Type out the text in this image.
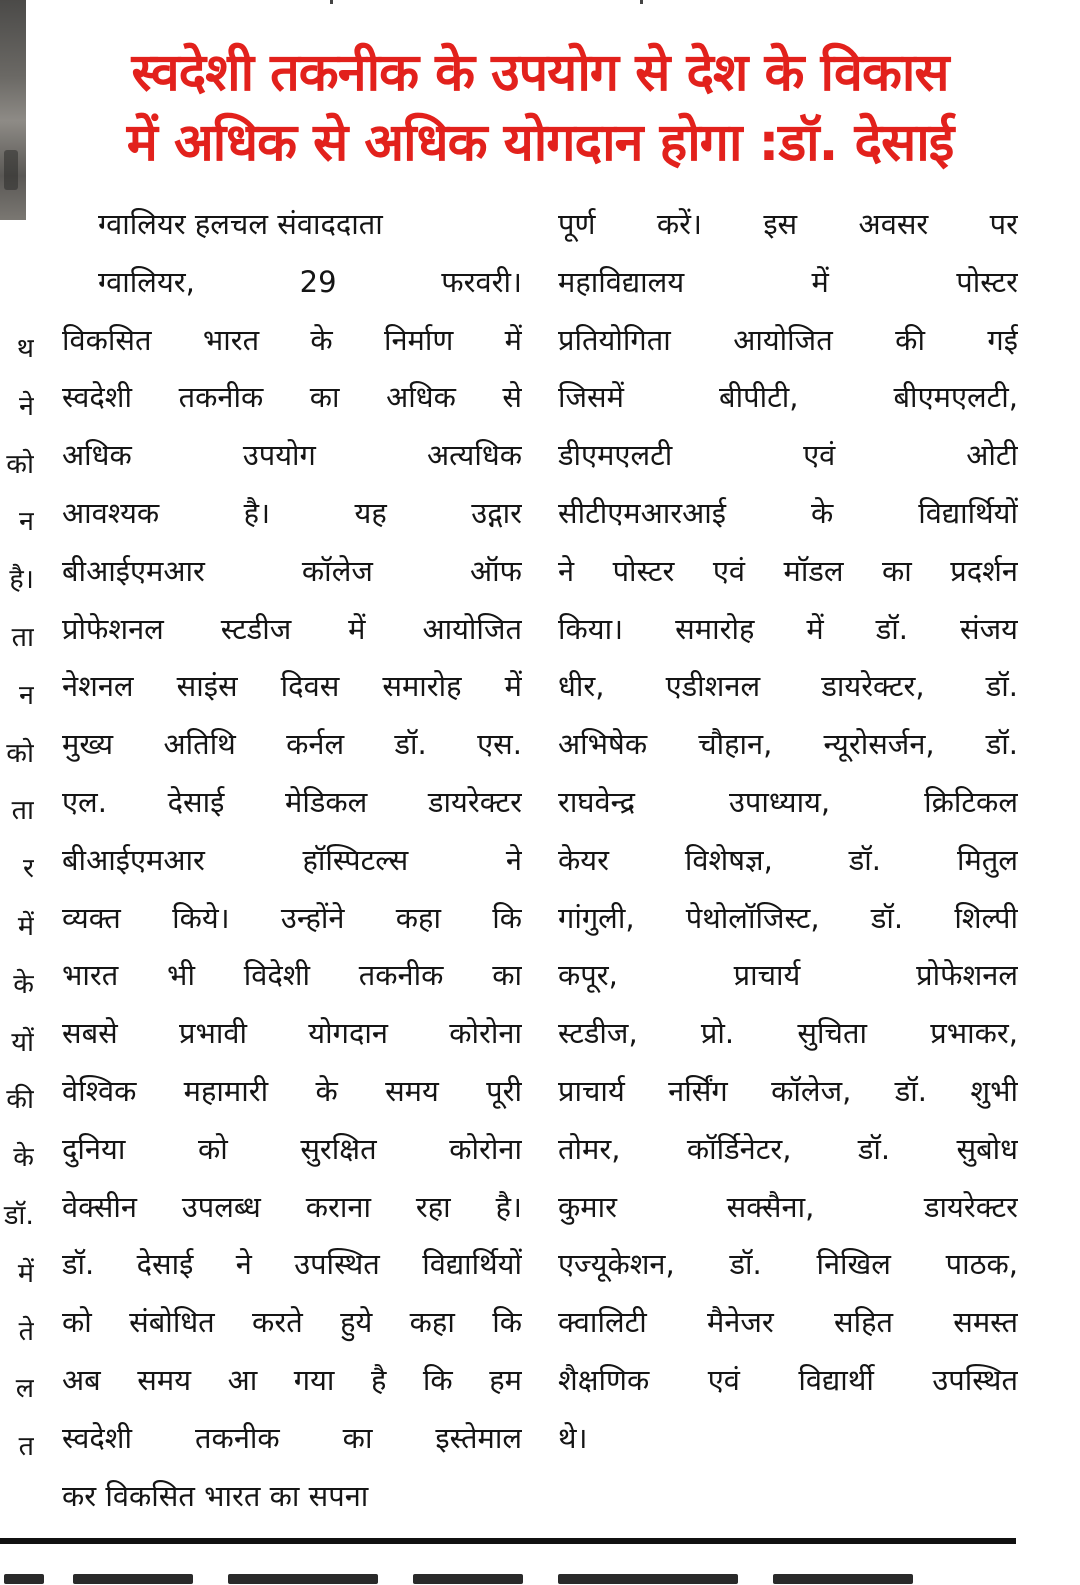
स्वदेशी तकनीक के उपयोग से देश के विकास
में अधिक से अधिक योगदान होगा :डॉ. देसाई
थ
ने
को
न
है।
ता
न
को
ता
र
में
के
यों
की
के
डॉ.
में
ते
ल
त
ग्वालियर हलचल संवाददाता
ग्वालियर, 29 फरवरी।
विकसित भारत के निर्माण में
स्वदेशी तकनीक का अधिक से
अधिक उपयोग अत्यधिक
आवश्यक है। यह उद्गार
बीआईएमआर कॉलेज ऑफ
प्रोफेशनल स्टडीज में आयोजित
नेशनल साइंस दिवस समारोह में
मुख्य अतिथि कर्नल डॉ. एस.
एल. देसाई मेडिकल डायरेक्टर
बीआईएमआर हॉस्पिटल्स ने
व्यक्त किये। उन्होंने कहा कि
भारत भी विदेशी तकनीक का
सबसे प्रभावी योगदान कोरोना
वेश्विक महामारी के समय पूरी
दुनिया को सुरक्षित कोरोना
वेक्सीन उपलब्ध कराना रहा है।
डॉ. देसाई ने उपस्थित विद्यार्थियों
को संबोधित करते हुये कहा कि
अब समय आ गया है कि हम
स्वदेशी तकनीक का इस्तेमाल
कर विकसित भारत का सपना
पूर्ण करें। इस अवसर पर
महाविद्यालय में पोस्टर
प्रतियोगिता आयोजित की गई
जिसमें बीपीटी, बीएमएलटी,
डीएमएलटी एवं ओटी
सीटीएमआरआई के विद्यार्थियों
ने पोस्टर एवं मॉडल का प्रदर्शन
किया। समारोह में डॉ. संजय
धीर, एडीशनल डायरेक्टर, डॉ.
अभिषेक चौहान, न्यूरोसर्जन, डॉ.
राघवेन्द्र उपाध्याय, क्रिटिकल
केयर विशेषज्ञ, डॉ. मितुल
गांगुली, पेथोलॉजिस्ट, डॉ. शिल्पी
कपूर, प्राचार्य प्रोफेशनल
स्टडीज, प्रो. सुचिता प्रभाकर,
प्राचार्य नर्सिंग कॉलेज, डॉ. शुभी
तोमर, कॉर्डिनेटर, डॉ. सुबोध
कुमार सक्सैना, डायरेक्टर
एज्यूकेशन, डॉ. निखिल पाठक,
क्वालिटी मैनेजर सहित समस्त
शैक्षणिक एवं विद्यार्थी उपस्थित
थे।
